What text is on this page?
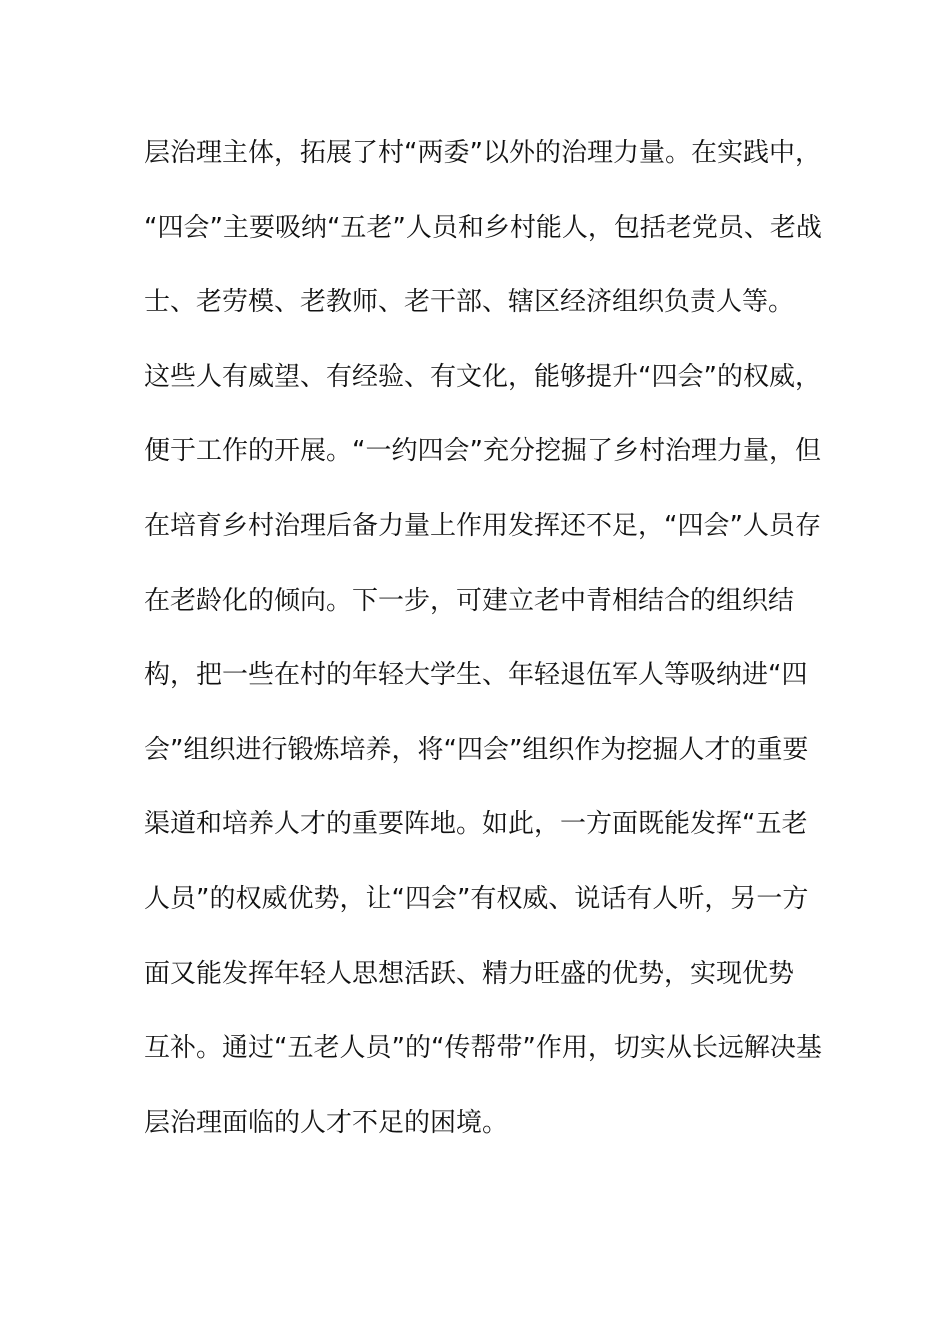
层治理主体，拓展了村“两委”以外的治理力量。在实践中，
“四会”主要吸纳“五老”人员和乡村能人，包括老党员、老战
士、老劳模、老教师、老干部、辖区经济组织负责人等。
这些人有威望、有经验、有文化，能够提升“四会”的权威，
便于工作的开展。“一约四会”充分挖掘了乡村治理力量，但
在培育乡村治理后备力量上作用发挥还不足，“四会”人员存
在老龄化的倾向。下一步，可建立老中青相结合的组织结
构，把一些在村的年轻大学生、年轻退伍军人等吸纳进“四
会”组织进行锻炼培养，将“四会”组织作为挖掘人才的重要
渠道和培养人才的重要阵地。如此，一方面既能发挥“五老
人员”的权威优势，让“四会”有权威、说话有人听，另一方
面又能发挥年轻人思想活跃、精力旺盛的优势，实现优势
互补。通过“五老人员”的“传帮带”作用，切实从长远解决基
层治理面临的人才不足的困境。
